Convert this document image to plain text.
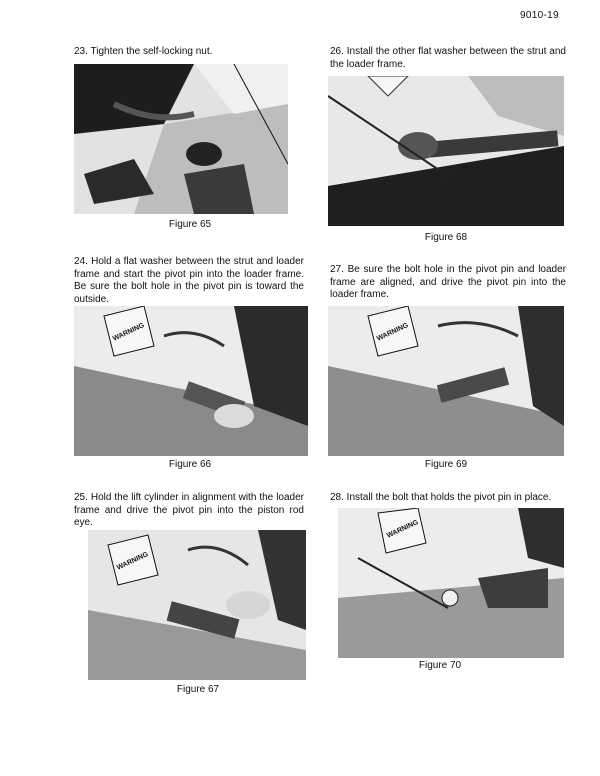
9010-19
23. Tighten the self-locking nut.
Figure 65
24. Hold a flat washer between the strut and loader frame and start the pivot pin into the loader frame. Be sure the bolt hole in the pivot pin is toward the outside.
WARNING
Figure 66
25. Hold the lift cylinder in alignment with the loader frame and drive the pivot pin into the piston rod eye.
WARNING
Figure 67
26. Install the other flat washer between the strut and the loader frame.
Figure 68
27. Be sure the bolt hole in the pivot pin and loader frame are aligned, and drive the pivot pin into the loader frame.
WARNING
Figure 69
28. Install the bolt that holds the pivot pin in place.
WARNING
Figure 70
